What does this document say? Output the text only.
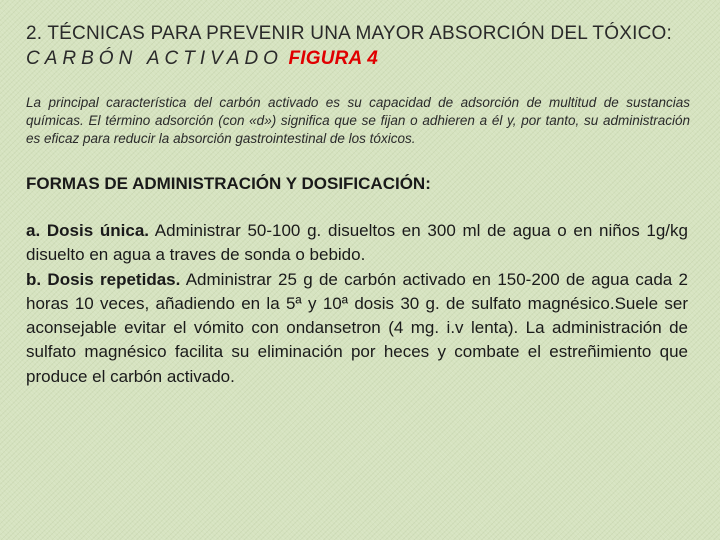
2. TÉCNICAS PARA PREVENIR UNA MAYOR ABSORCIÓN DEL TÓXICO: CARBÓN ACTIVADO FIGURA 4

La principal característica del carbón activado es su capacidad de adsorción de multitud de sustancias químicas. El término adsorción (con «d») significa que se fijan o adhieren a él y, por tanto, su administración es eficaz para reducir la absorción gastrointestinal de los tóxicos.

FORMAS DE ADMINISTRACIÓN Y DOSIFICACIÓN:

a. Dosis única. Administrar 50-100 g. disueltos en 300 ml de agua o en niños 1g/kg disuelto en agua a traves de sonda o bebido.

b. Dosis repetidas. Administrar 25 g de carbón activado en 150-200 de agua cada 2 horas 10 veces, añadiendo en la 5ª y 10ª dosis 30 g. de sulfato magnésico.Suele ser aconsejable evitar el vómito con ondansetron (4 mg. i.v lenta). La administración de sulfato magnésico facilita su eliminación por heces y combate el estreñimiento que produce el carbón activado.
